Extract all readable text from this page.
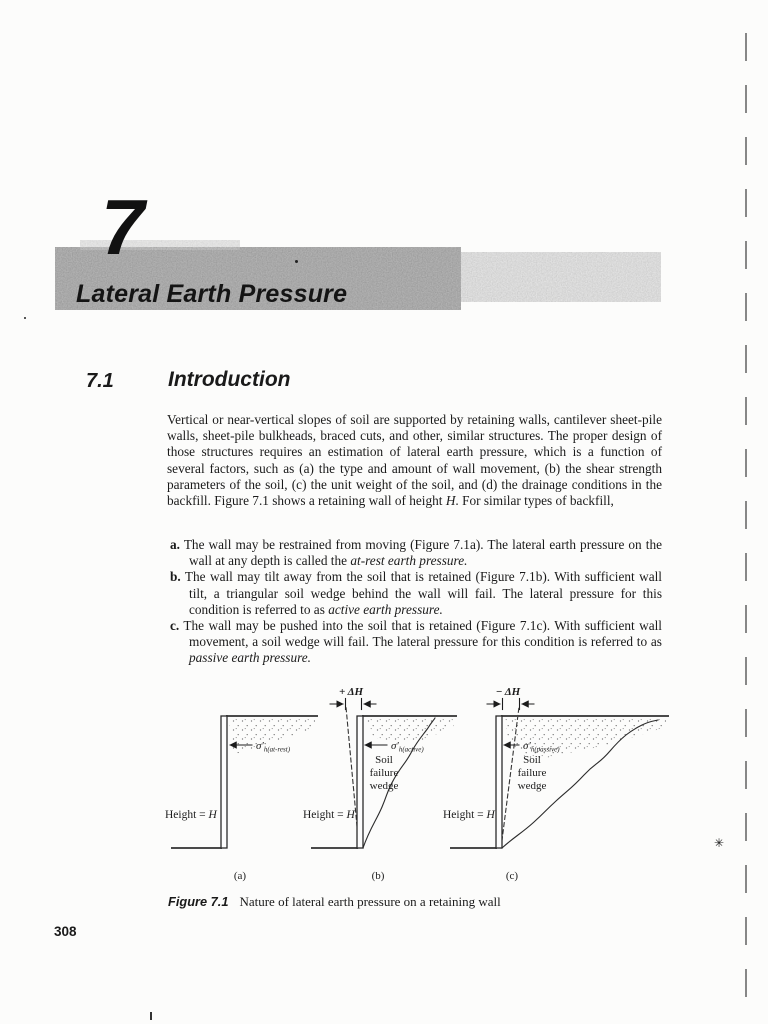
7
Lateral Earth Pressure
7.1	Introduction

Vertical or near-vertical slopes of soil are supported by retaining walls, cantilever sheet-pile walls, sheet-pile bulkheads, braced cuts, and other, similar structures. The proper design of those structures requires an estimation of lateral earth pressure, which is a function of several factors, such as (a) the type and amount of wall movement, (b) the shear strength parameters of the soil, (c) the unit weight of the soil, and (d) the drainage conditions in the backfill. Figure 7.1 shows a retaining wall of height H. For similar types of backfill,

a. The wall may be restrained from moving (Figure 7.1a). The lateral earth pressure on the wall at any depth is called the at-rest earth pressure.
b. The wall may tilt away from the soil that is retained (Figure 7.1b). With sufficient wall tilt, a triangular soil wedge behind the wall will fail. The lateral pressure for this condition is referred to as active earth pressure.
c. The wall may be pushed into the soil that is retained (Figure 7.1c). With sufficient wall movement, a soil wedge will fail. The lateral pressure for this condition is referred to as passive earth pressure.
$\sigma'_{h(at-rest)}$
Height = H
(a)
+ ΔH
$\sigma'_{h(active)}$
Soil failure wedge
Height = H
(b)
− ΔH
$\sigma'_{h(passive)}$
Soil failure wedge
Height = H
(c)
Figure 7.1 Nature of lateral earth pressure on a retaining wall
308
✳
